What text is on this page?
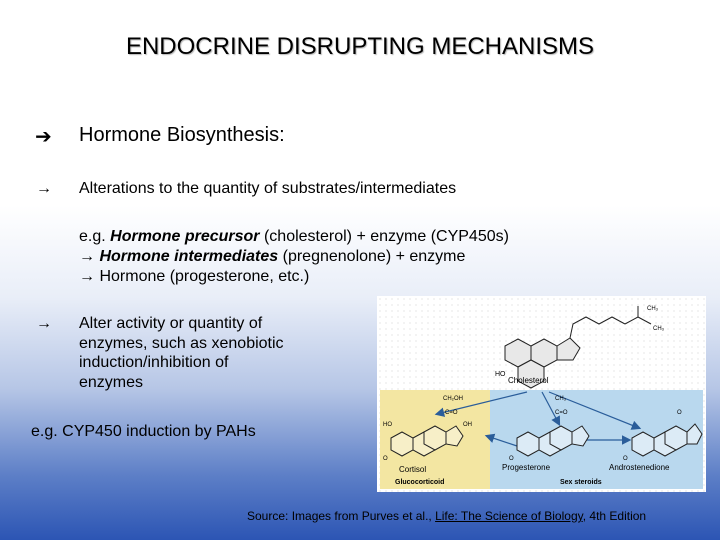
ENDOCRINE DISRUPTING MECHANISMS
➔ Hormone Biosynthesis:
→ Alterations to the quantity of substrates/intermediates
e.g. Hormone precursor (cholesterol) + enzyme (CYP450s)
→ Hormone intermediates (pregnenolone) + enzyme
→ Hormone (progesterone, etc.)
→ Alter activity or quantity of
enzymes, such as xenobiotic
induction/inhibition of
enzymes
e.g. CYP450 induction by PAHs
HO
Cholesterol
CH₃
CH₃
HO
CH₂OH
C=O
OH
O
Cortisol
Glucocorticoid
CH₃
C=O
O
Progesterone
O
O
Androstenedione
Sex steroids
Source: Images from Purves et al., Life: The Science of Biology, 4th Edition
